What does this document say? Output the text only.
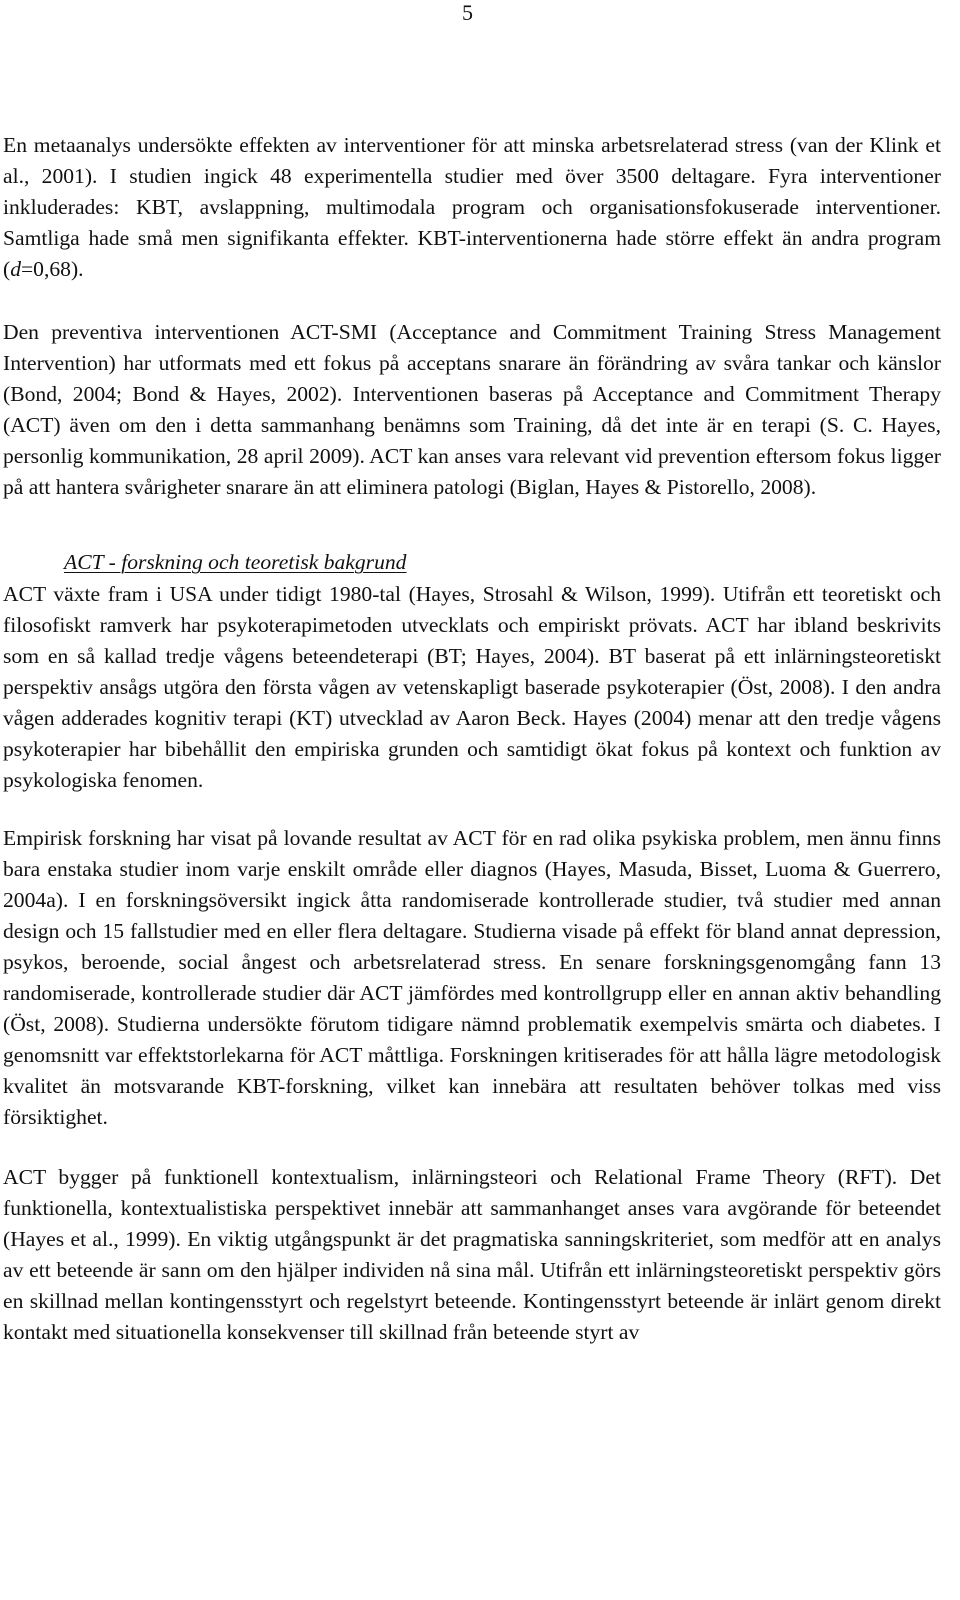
5

En metaanalys undersökte effekten av interventioner för att minska arbetsrelaterad stress (van der Klink et al., 2001). I studien ingick 48 experimentella studier med över 3500 deltagare. Fyra interventioner inkluderades: KBT, avslappning, multimodala program och organisationsfokuserade interventioner. Samtliga hade små men signifikanta effekter. KBT-interventionerna hade större effekt än andra program (d=0,68).

Den preventiva interventionen ACT-SMI (Acceptance and Commitment Training Stress Management Intervention) har utformats med ett fokus på acceptans snarare än förändring av svåra tankar och känslor (Bond, 2004; Bond & Hayes, 2002). Interventionen baseras på Acceptance and Commitment Therapy (ACT) även om den i detta sammanhang benämns som Training, då det inte är en terapi (S. C. Hayes, personlig kommunikation, 28 april 2009). ACT kan anses vara relevant vid prevention eftersom fokus ligger på att hantera svårigheter snarare än att eliminera patologi (Biglan, Hayes & Pistorello, 2008).

ACT - forskning och teoretisk bakgrund

ACT växte fram i USA under tidigt 1980-tal (Hayes, Strosahl & Wilson, 1999). Utifrån ett teoretiskt och filosofiskt ramverk har psykoterapimetoden utvecklats och empiriskt prövats. ACT har ibland beskrivits som en så kallad tredje vågens beteendeterapi (BT; Hayes, 2004). BT baserat på ett inlärningsteoretiskt perspektiv ansågs utgöra den första vågen av vetenskapligt baserade psykoterapier (Öst, 2008). I den andra vågen adderades kognitiv terapi (KT) utvecklad av Aaron Beck. Hayes (2004) menar att den tredje vågens psykoterapier har bibehållit den empiriska grunden och samtidigt ökat fokus på kontext och funktion av psykologiska fenomen.

Empirisk forskning har visat på lovande resultat av ACT för en rad olika psykiska problem, men ännu finns bara enstaka studier inom varje enskilt område eller diagnos (Hayes, Masuda, Bisset, Luoma & Guerrero, 2004a). I en forskningsöversikt ingick åtta randomiserade kontrollerade studier, två studier med annan design och 15 fallstudier med en eller flera deltagare. Studierna visade på effekt för bland annat depression, psykos, beroende, social ångest och arbetsrelaterad stress. En senare forskningsgenomgång fann 13 randomiserade, kontrollerade studier där ACT jämfördes med kontrollgrupp eller en annan aktiv behandling (Öst, 2008). Studierna undersökte förutom tidigare nämnd problematik exempelvis smärta och diabetes. I genomsnitt var effektstorlekarna för ACT måttliga. Forskningen kritiserades för att hålla lägre metodologisk kvalitet än motsvarande KBT-forskning, vilket kan innebära att resultaten behöver tolkas med viss försiktighet.

ACT bygger på funktionell kontextualism, inlärningsteori och Relational Frame Theory (RFT). Det funktionella, kontextualistiska perspektivet innebär att sammanhanget anses vara avgörande för beteendet (Hayes et al., 1999). En viktig utgångspunkt är det pragmatiska sanningskriteriet, som medför att en analys av ett beteende är sann om den hjälper individen nå sina mål. Utifrån ett inlärningsteoretiskt perspektiv görs en skillnad mellan kontingensstyrt och regelstyrt beteende. Kontingensstyrt beteende är inlärt genom direkt kontakt med situationella konsekvenser till skillnad från beteende styrt av
